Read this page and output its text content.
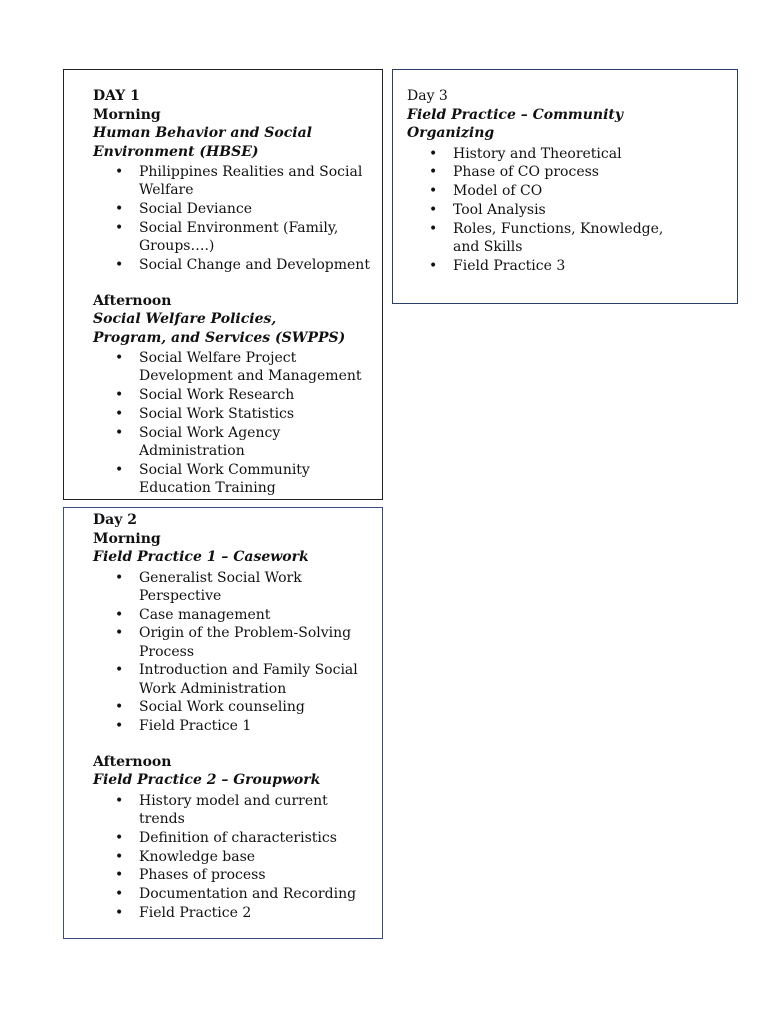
DAY 1
Morning
Human Behavior and Social
Environment (HBSE)
• Philippines Realities and Social
Welfare
• Social Deviance
• Social Environment (Family,
Groups….)
• Social Change and Development
Afternoon
Social Welfare Policies,
Program, and Services (SWPPS)
• Social Welfare Project
Development and Management
• Social Work Research
• Social Work Statistics
• Social Work Agency
Administration
• Social Work Community
Education Training
Day 2
Morning
Field Practice 1 – Casework
• Generalist Social Work
Perspective
• Case management
• Origin of the Problem-Solving
Process
• Introduction and Family Social
Work Administration
• Social Work counseling
• Field Practice 1
Afternoon
Field Practice 2 – Groupwork
• History model and current
trends
• Definition of characteristics
• Knowledge base
• Phases of process
• Documentation and Recording
• Field Practice 2
Day 3
Field Practice – Community
Organizing
• History and Theoretical
• Phase of CO process
• Model of CO
• Tool Analysis
• Roles, Functions, Knowledge,
and Skills
• Field Practice 3
